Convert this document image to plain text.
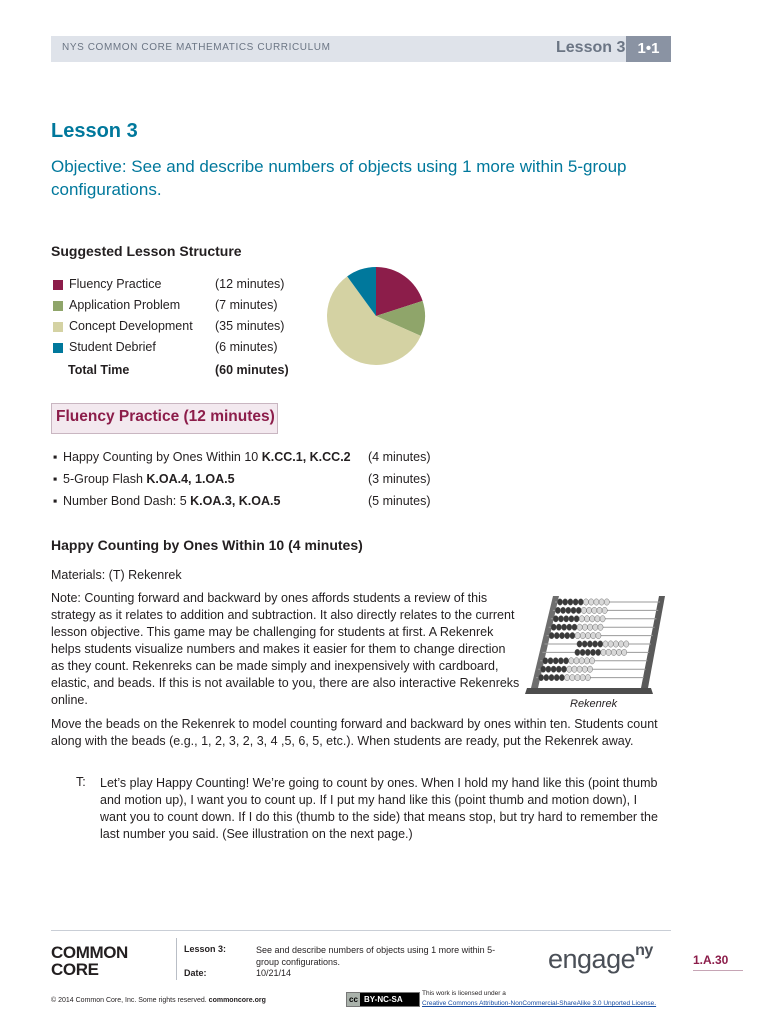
NYS COMMON CORE MATHEMATICS CURRICULUM	Lesson 3 1•1
Lesson 3
Objective: See and describe numbers of objects using 1 more within 5-group configurations.
Suggested Lesson Structure
Fluency Practice	(12 minutes)
Application Problem	(7 minutes)
Concept Development (35 minutes)
Student Debrief	(6 minutes)
Total Time	(60 minutes)
Fluency Practice (12 minutes)
▪ Happy Counting by Ones Within 10 K.CC.1, K.CC.2 (4 minutes)
▪ 5-Group Flash K.OA.4, 1.OA.5	(3 minutes)
▪ Number Bond Dash: 5 K.OA.3, K.OA.5	(5 minutes)
Happy Counting by Ones Within 10 (4 minutes)
Materials: (T) Rekenrek
Note: Counting forward and backward by ones affords students a review of this strategy as it relates to addition and subtraction. It also directly relates to the current lesson objective. This game may be challenging for students at first. A Rekenrek helps students visualize numbers and makes it easier for them to change direction as they count. Rekenreks can be made simply and inexpensively with cardboard, elastic, and beads. If this is not available to you, there are also interactive Rekenreks online.	Rekenrek
Move the beads on the Rekenrek to model counting forward and backward by ones within ten. Students count along with the beads (e.g., 1, 2, 3, 2, 3, 4 ,5, 6, 5, etc.). When students are ready, put the Rekenrek away.
T: Let’s play Happy Counting! We’re going to count by ones. When I hold my hand like this (point thumb and motion up), I want you to count up. If I put my hand like this (point thumb and motion down), I want you to count down. If I do this (thumb to the side) that means stop, but try hard to remember the last number you said. (See illustration on the next page.)
COMMON
CORE
Lesson 3:	See and describe numbers of objects using 1 more within 5-group configurations.
Date:	10/21/14	engage$^{ny}$
1.A.30
© 2014 Common Core, Inc. Some rights reserved. commoncore.org	cc BY-NC-SA
This work is licensed under a
Creative Commons Attribution-NonCommercial-ShareAlike 3.0 Unported License.
